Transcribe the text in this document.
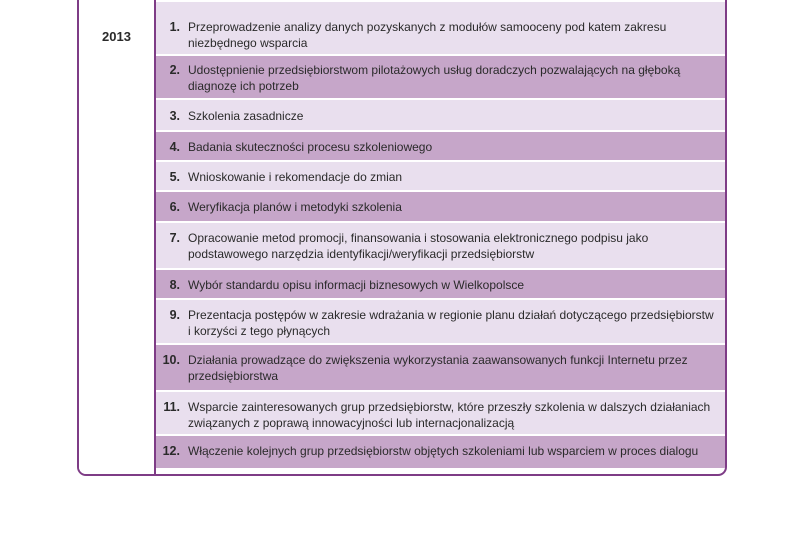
2013
1. Przeprowadzenie analizy danych pozyskanych z modułów samooceny pod katem zakresu niezbędnego wsparcia
2. Udostępnienie przedsiębiorstwom pilotażowych usług doradczych pozwalających na głęboką diagnozę ich potrzeb
3. Szkolenia zasadnicze
4. Badania skuteczności procesu szkoleniowego
5. Wnioskowanie i rekomendacje do zmian
6. Weryfikacja planów i metodyki szkolenia
7. Opracowanie metod promocji, finansowania i stosowania elektronicznego podpisu jako podstawowego narzędzia identyfikacji/weryfikacji przedsiębiorstw
8. Wybór standardu opisu informacji biznesowych w Wielkopolsce
9. Prezentacja postępów w zakresie wdrażania w regionie planu działań dotyczącego przedsiębiorstw i korzyści z tego płynących
10. Działania prowadzące do zwiększenia wykorzystania zaawansowanych funkcji Internetu przez przedsiębiorstwa
11. Wsparcie zainteresowanych grup przedsiębiorstw, które przeszły szkolenia w dalszych działaniach związanych z poprawą innowacyjności lub internacjonalizacją
12. Włączenie kolejnych grup przedsiębiorstw objętych szkoleniami lub wsparciem w proces dialogu
